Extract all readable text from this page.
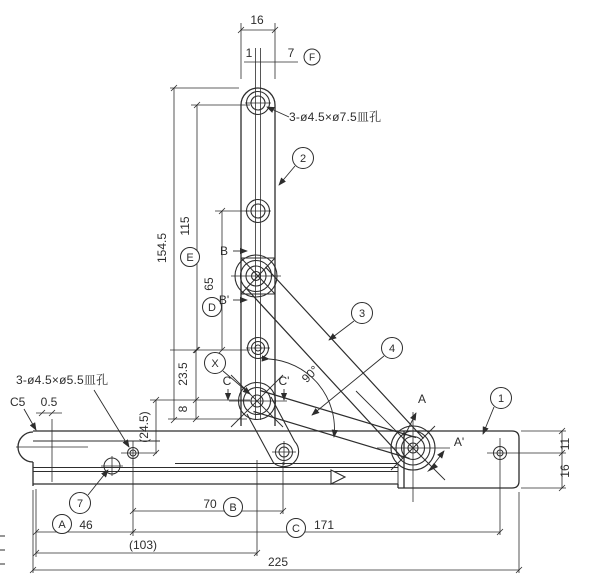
16
1	7 F
3-ø4.5×ø7.5皿孔
2
154.5
115
E
65
D
23.5
8
(24.5)
X
B
B'
C	C' 90°
3
4
A
A'
1
3-ø4.5×ø5.5皿孔
C5 0.5
7
A 46
70 B
C 171
(103)
225
11
16
